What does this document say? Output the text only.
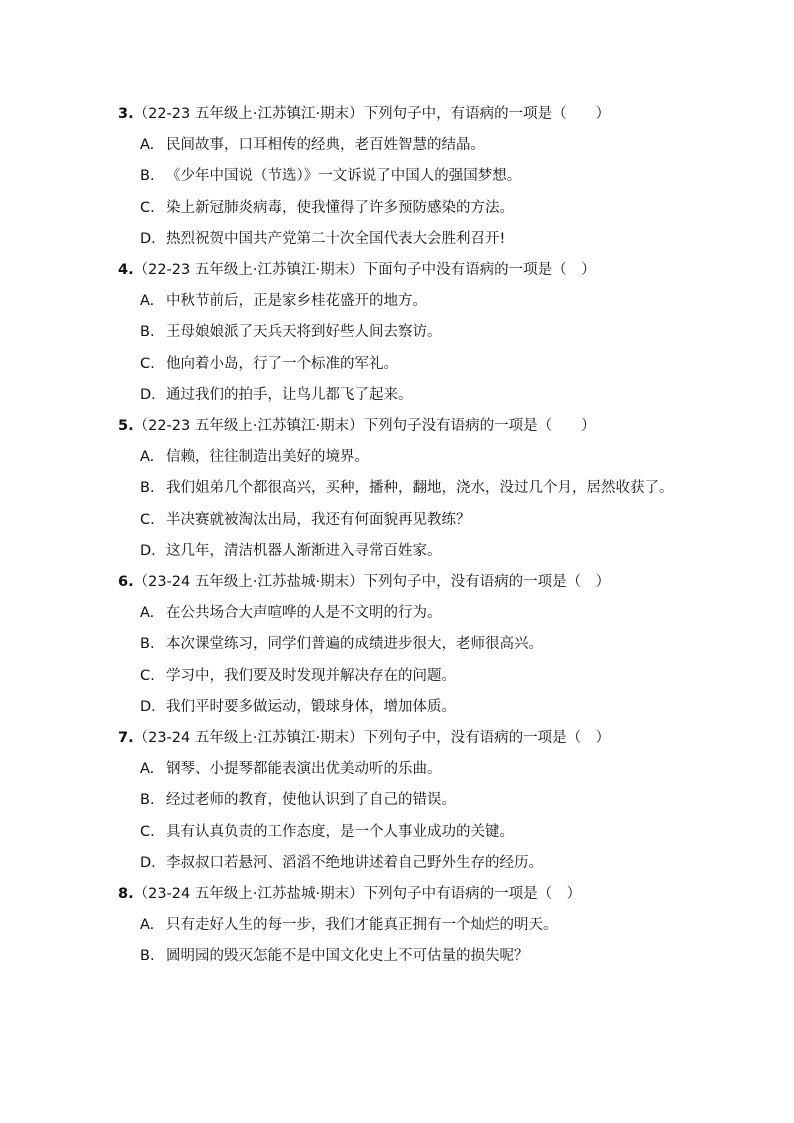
3.（22-23 五年级上·江苏镇江·期末）下列句子中，有语病的一项是（　　）
A. 民间故事，口耳相传的经典，老百姓智慧的结晶。
B. 《少年中国说（节选）》一文诉说了中国人的强国梦想。
C. 染上新冠肺炎病毒，使我懂得了许多预防感染的方法。
D. 热烈祝贺中国共产党第二十次全国代表大会胜利召开!
4.（22-23 五年级上·江苏镇江·期末）下面句子中没有语病的一项是（　）
A. 中秋节前后，正是家乡桂花盛开的地方。
B. 王母娘娘派了天兵天将到好些人间去察访。
C. 他向着小岛，行了一个标准的军礼。
D. 通过我们的拍手，让鸟儿都飞了起来。
5.（22-23 五年级上·江苏镇江·期末）下列句子没有语病的一项是（　　）
A. 信赖，往往制造出美好的境界。
B. 我们姐弟几个都很高兴，买种，播种，翻地，浇水，没过几个月，居然收获了。
C. 半决赛就被淘汰出局，我还有何面貌再见教练？
D. 这几年，清洁机器人渐渐进入寻常百姓家。
6.（23-24 五年级上·江苏盐城·期末）下列句子中，没有语病的一项是（　）
A. 在公共场合大声喧哗的人是不文明的行为。
B. 本次课堂练习，同学们普遍的成绩进步很大，老师很高兴。
C. 学习中，我们要及时发现并解决存在的问题。
D. 我们平时要多做运动，锻球身体，增加体质。
7.（23-24 五年级上·江苏镇江·期末）下列句子中，没有语病的一项是（　）
A. 钢琴、小提琴都能表演出优美动听的乐曲。
B. 经过老师的教育，使他认识到了自己的错误。
C. 具有认真负责的工作态度，是一个人事业成功的关键。
D. 李叔叔口若悬河、滔滔不绝地讲述着自己野外生存的经历。
8.（23-24 五年级上·江苏盐城·期末）下列句子中有语病的一项是（　）
A. 只有走好人生的每一步，我们才能真正拥有一个灿烂的明天。
B. 圆明园的毁灭怎能不是中国文化史上不可估量的损失呢？
